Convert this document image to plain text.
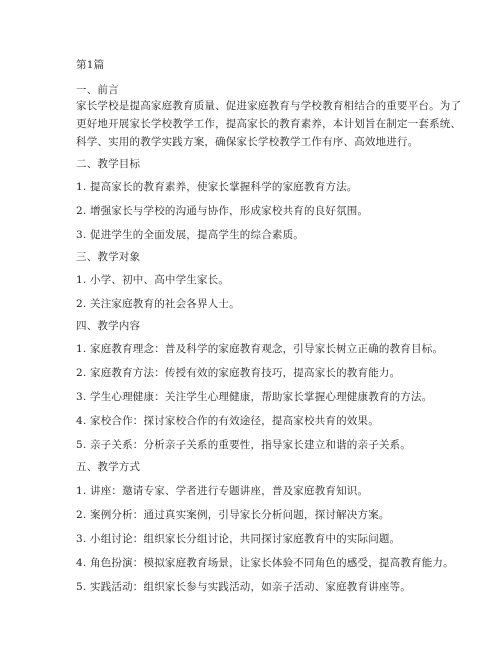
第1篇
一、前言
家长学校是提高家庭教育质量、促进家庭教育与学校教育相结合的重要平台。为了
更好地开展家长学校教学工作，提高家长的教育素养，本计划旨在制定一套系统、
科学、实用的教学实践方案，确保家长学校教学工作有序、高效地进行。
二、教学目标
1. 提高家长的教育素养，使家长掌握科学的家庭教育方法。
2. 增强家长与学校的沟通与协作，形成家校共育的良好氛围。
3. 促进学生的全面发展，提高学生的综合素质。
三、教学对象
1. 小学、初中、高中学生家长。
2. 关注家庭教育的社会各界人士。
四、教学内容
1. 家庭教育理念：普及科学的家庭教育观念，引导家长树立正确的教育目标。
2. 家庭教育方法：传授有效的家庭教育技巧，提高家长的教育能力。
3. 学生心理健康：关注学生心理健康，帮助家长掌握心理健康教育的方法。
4. 家校合作：探讨家校合作的有效途径，提高家校共育的效果。
5. 亲子关系：分析亲子关系的重要性，指导家长建立和谐的亲子关系。
五、教学方式
1. 讲座：邀请专家、学者进行专题讲座，普及家庭教育知识。
2. 案例分析：通过真实案例，引导家长分析问题，探讨解决方案。
3. 小组讨论：组织家长分组讨论，共同探讨家庭教育中的实际问题。
4. 角色扮演：模拟家庭教育场景，让家长体验不同角色的感受，提高教育能力。
5. 实践活动：组织家长参与实践活动，如亲子活动、家庭教育讲座等。
